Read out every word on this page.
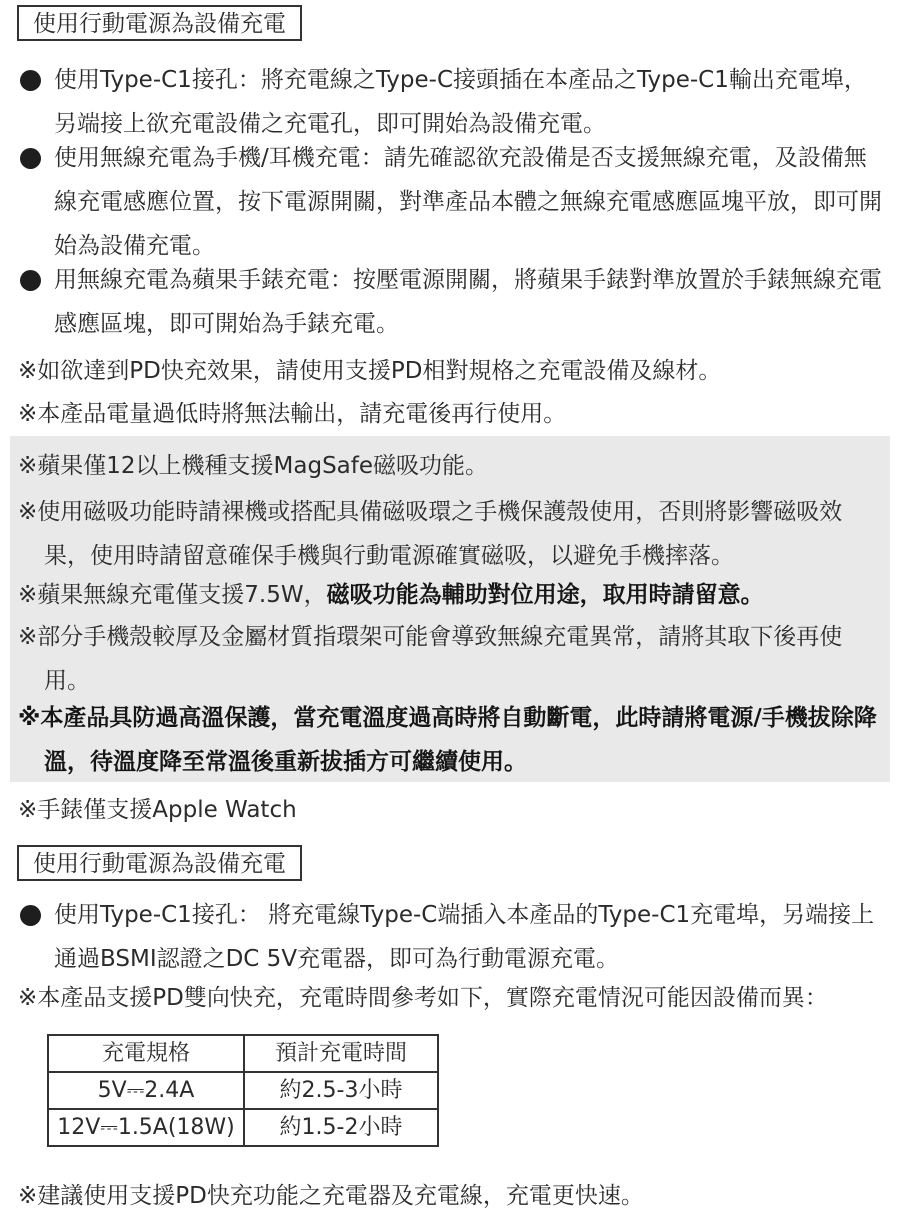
使用行動電源為設備充電
使用Type-C1接孔：將充電線之Type-C接頭插在本產品之Type-C1輸出充電埠，另端接上欲充電設備之充電孔，即可開始為設備充電。
使用無線充電為手機/耳機充電：請先確認欲充設備是否支援無線充電，及設備無線充電感應位置，按下電源開關，對準產品本體之無線充電感應區塊平放，即可開始為設備充電。
用無線充電為蘋果手錶充電：按壓電源開關，將蘋果手錶對準放置於手錶無線充電感應區塊，即可開始為手錶充電。
※如欲達到PD快充效果，請使用支援PD相對規格之充電設備及線材。
※本產品電量過低時將無法輸出，請充電後再行使用。
※蘋果僅12以上機種支援MagSafe磁吸功能。
※使用磁吸功能時請裸機或搭配具備磁吸環之手機保護殼使用，否則將影響磁吸效果，使用時請留意確保手機與行動電源確實磁吸，以避免手機摔落。
※蘋果無線充電僅支援7.5W，磁吸功能為輔助對位用途，取用時請留意。
※部分手機殼較厚及金屬材質指環架可能會導致無線充電異常，請將其取下後再使用。
※本產品具防過高溫保護，當充電溫度過高時將自動斷電，此時請將電源/手機拔除降溫，待溫度降至常溫後重新拔插方可繼續使用。
※手錶僅支援Apple Watch
使用行動電源為設備充電
使用Type-C1接孔： 將充電線Type-C端插入本產品的Type-C1充電埠，另端接上通過BSMI認證之DC 5V充電器，即可為行動電源充電。
※本產品支援PD雙向快充，充電時間參考如下，實際充電情況可能因設備而異：
充電規格	預計充電時間
5V⎓2.4A	約2.5-3小時
12V⎓1.5A(18W)	約1.5-2小時
※建議使用支援PD快充功能之充電器及充電線，充電更快速。
